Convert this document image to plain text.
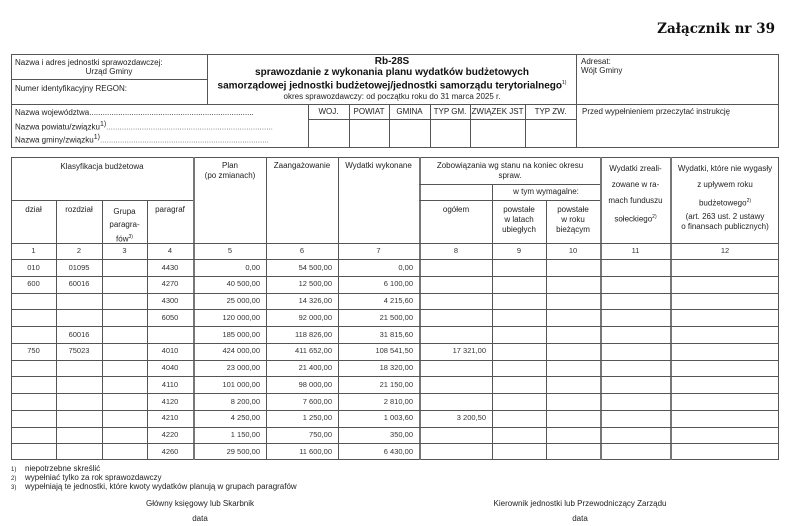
Załącznik nr 39
Nazwa i adres jednostki sprawozdawczej:
Urząd Gminy
Numer identyfikacyjny REGON:
Rb-28S
sprawozdanie z wykonania planu wydatków budżetowych
samorządowej jednostki budżetowej/jednostki samorządu terytorialnego$^{1)}$
okres sprawozdawczy: od początku roku do 31 marca 2025 r.
Adresat:
Wójt Gminy
Nazwa województwa..........................................................................
Nazwa powiatu/związku1)...........................................................................
Nazwa gminy/związku1)............................................................................
WOJ.	POWIAT	GMINA	TYP GM. ZWIĄZEK JST	TYP ZW.	Przed wypełnieniem przeczytać instrukcję
Klasyfikacja budżetowa
dział	rozdział	Grupa
paragra-
fów$^{3)}$
paragraf
Plan
(po zmianach)
Zaangażowanie	Wydatki wykonane	Zobowiązania wg stanu na koniec okresu
spraw.
w tym wymagalne:
ogółem	powstałe
w latach
ubiegłych
powstałe
w roku
bieżącym
Wydatki zreali-
zowane w ra-
mach funduszu
sołeckiego$^{2)}$
Wydatki, które nie wygasły
z upływem roku
budżetowego$^{2)}$
(art. 263 ust. 2 ustawy
o finansach publicznych)
1	2	3	4	5	6	7	8	9	10	11	12
010	01095	4430	0,00	54 500,00	0,00
600	60016	4270	40 500,00	12 500,00	6 100,00
4300	25 000,00	14 326,00	4 215,60
6050	120 000,00	92 000,00	21 500,00
60016	185 000,00	118 826,00	31 815,60
750	75023	4010	424 000,00	411 652,00	108 541,50	17 321,00
4040	23 000,00	21 400,00	18 320,00
4110	101 000,00	98 000,00	21 150,00
4120	8 200,00	7 600,00	2 810,00
4210	4 250,00	1 250,00	1 003,60	3 200,50
4220	1 150,00	750,00	350,00
4260	29 500,00	11 600,00	6 430,00
1) niepotrzebne skreślić
2) wypełniać tylko za rok sprawozdawczy
3) wypełniają te jednostki, które kwoty wydatków planują w grupach paragrafów
Główny księgowy lub Skarbnik
data
Kierownik jednostki lub Przewodniczący Zarządu
data
